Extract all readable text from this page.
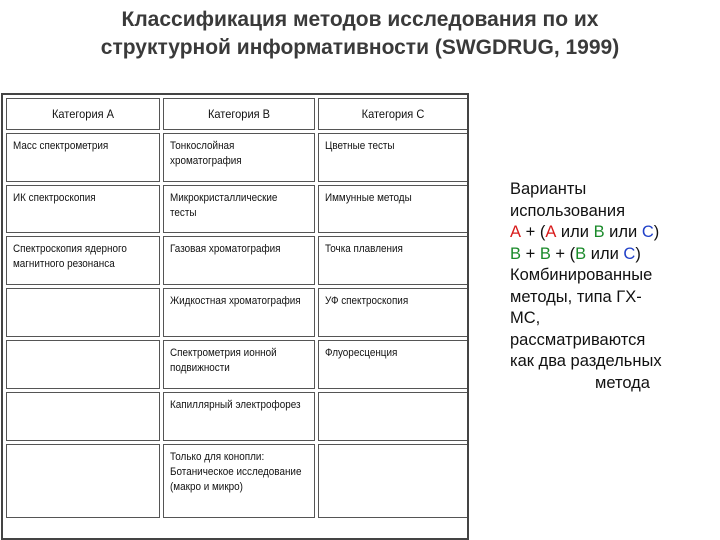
Классификация методов исследования по их
структурной информативности (SWGDRUG, 1999)
Категория А	Категория В	Категория С

Масс спектрометрия	Тонкослойная хроматография	Цветные тесты

ИК спектроскопия	Микрокристаллические тесты	Иммунные методы

Спектроскопия ядерного магнитного резонанса	Газовая хроматография	Точка плавления

	Жидкостная хроматография	УФ спектроскопия

	Спектрометрия ионной подвижности	Флуоресценция

	Капиллярный электрофорез	

	Только для конопли: Ботаническое исследование (макро и микро)	

Варианты
использования
А + (А или В или С)
В + В + (В или С)
Комбинированные
методы, типа ГХ-
МС,
рассматриваются
как два раздельных
метода
